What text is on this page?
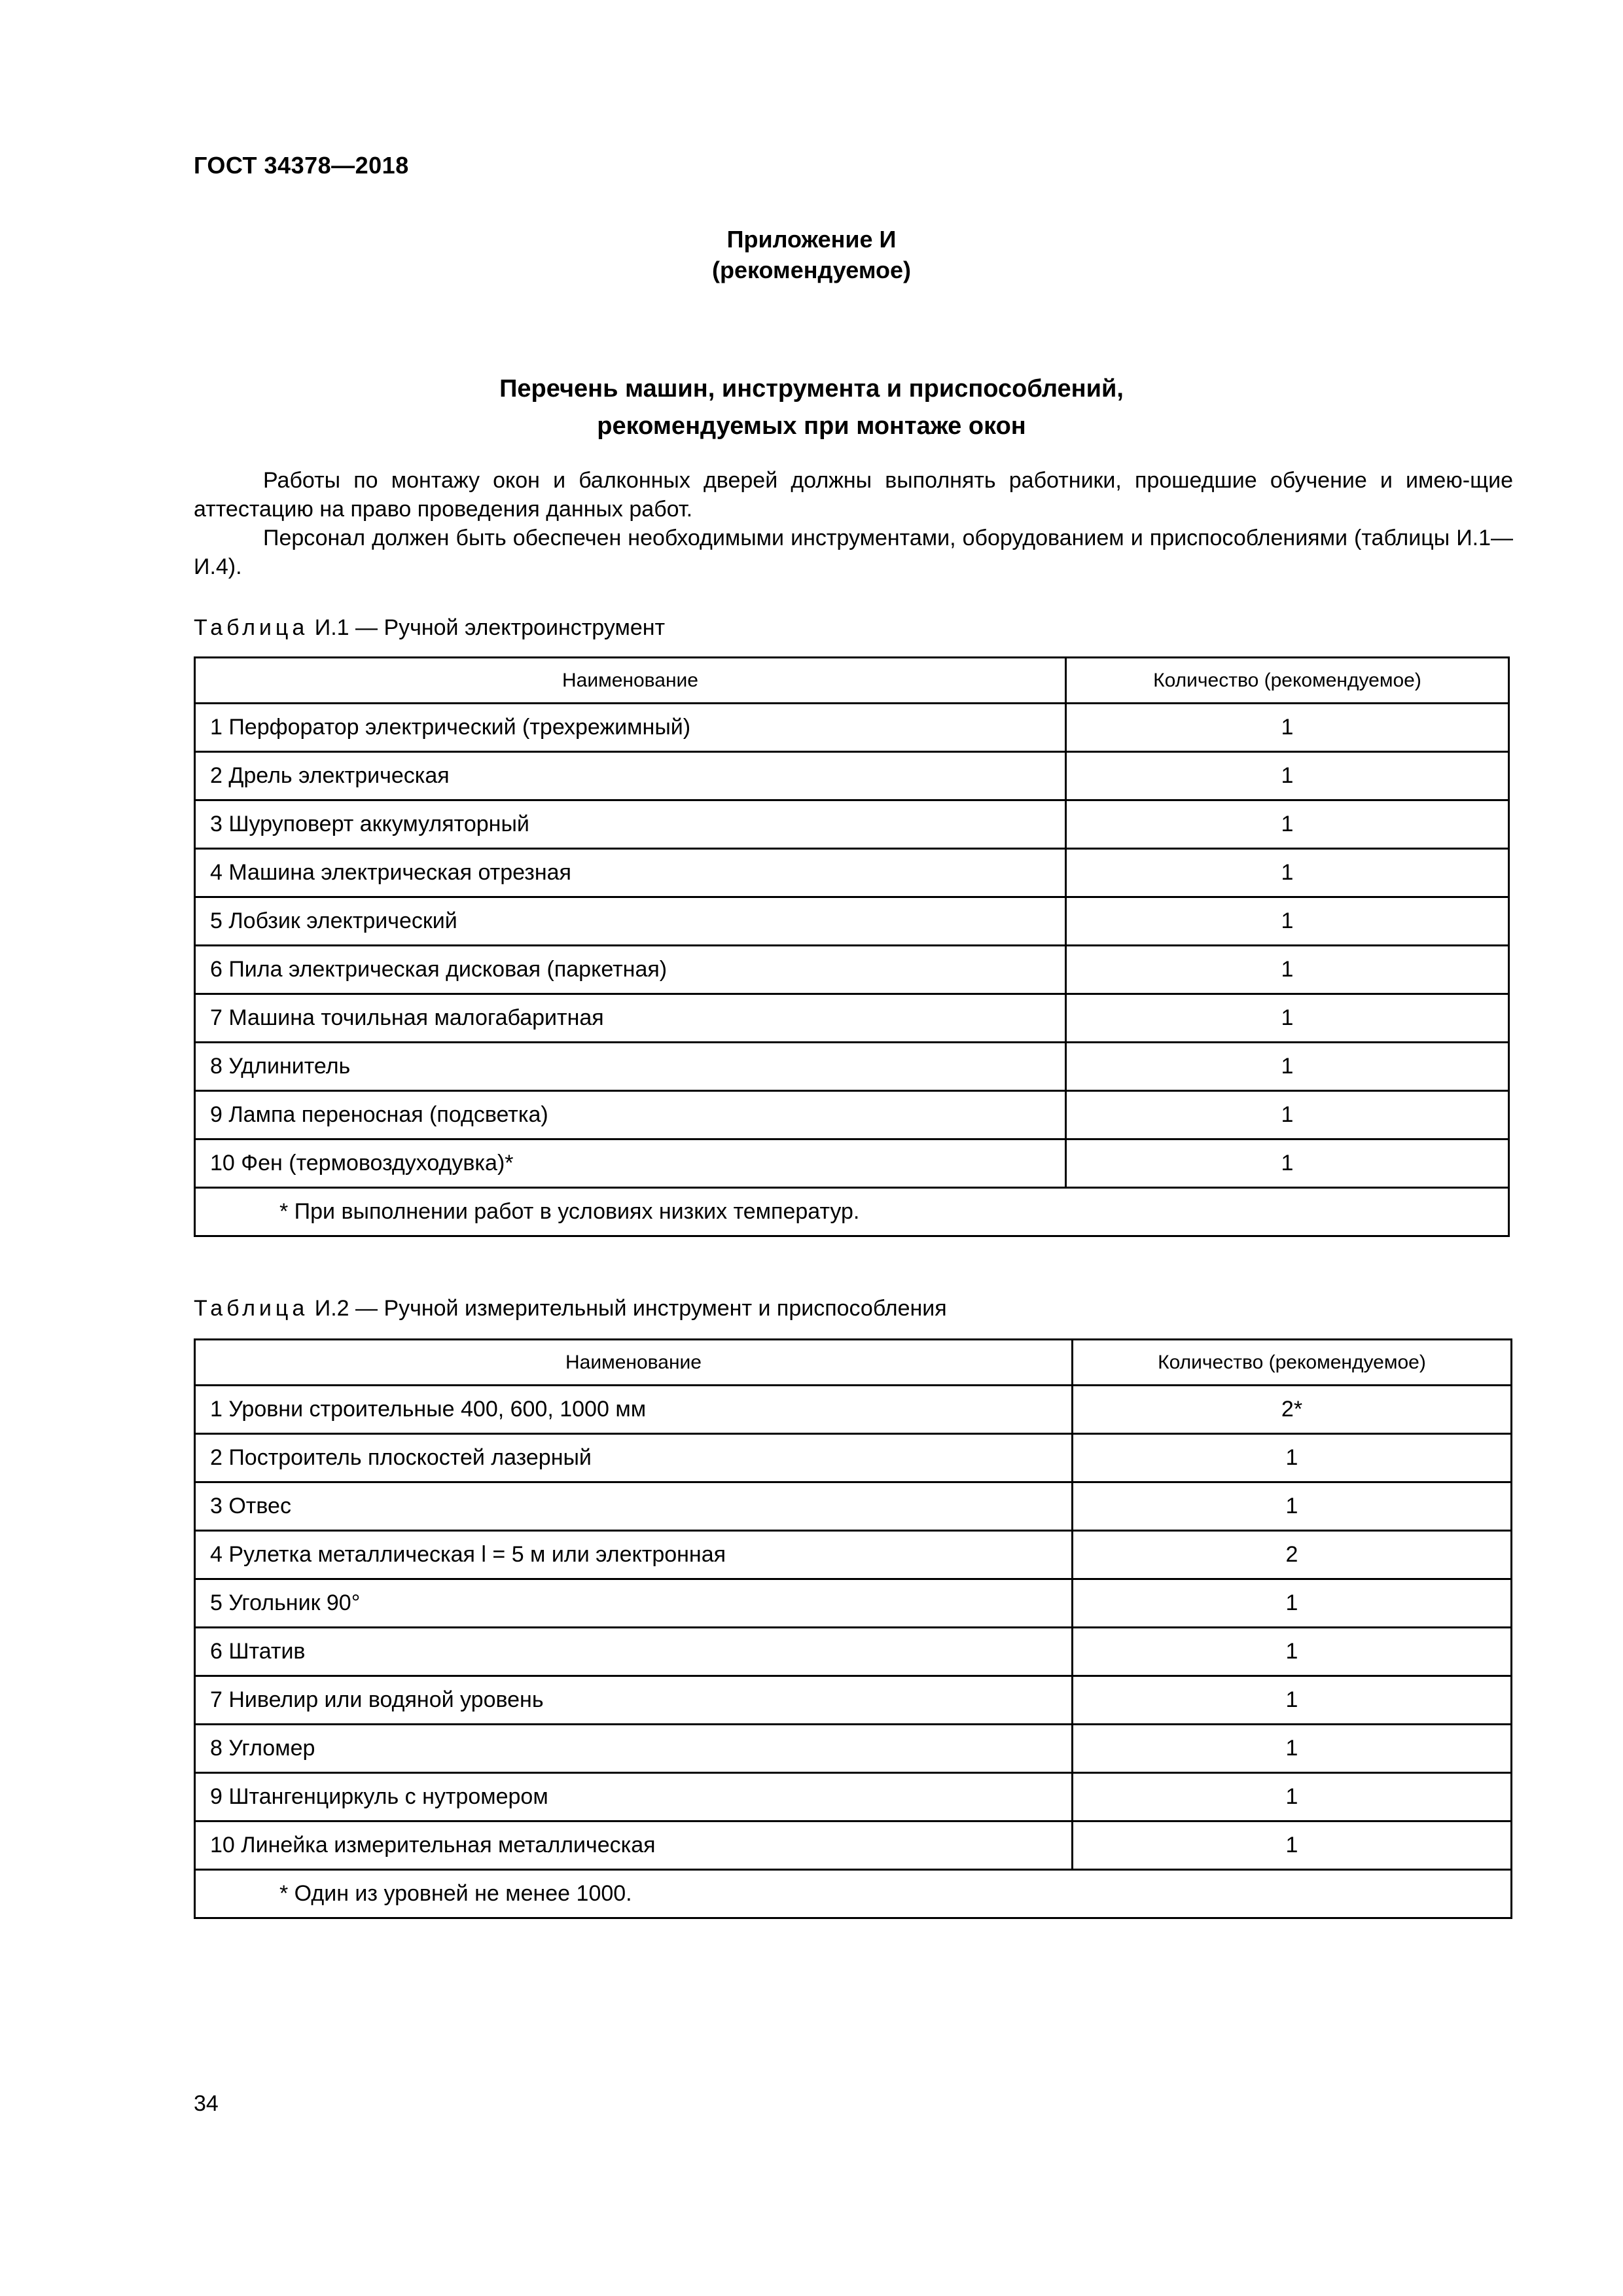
ГОСТ 34378—2018
Приложение И
(рекомендуемое)
Перечень машин, инструмента и приспособлений,
рекомендуемых при монтаже окон

Работы по монтажу окон и балконных дверей должны выполнять работники, прошедшие обучение и имею-щие аттестацию на право проведения данных работ.

Персонал должен быть обеспечен необходимыми инструментами, оборудованием и приспособлениями (таблицы И.1—И.4).

Таблица И.1 — Ручной электроинструмент
Наименование	Количество (рекомендуемое)
1 Перфоратор электрический (трехрежимный)	1
2 Дрель электрическая	1
3 Шуруповерт аккумуляторный	1
4 Машина электрическая отрезная	1
5 Лобзик электрический	1
6 Пила электрическая дисковая (паркетная)	1
7 Машина точильная малогабаритная	1
8 Удлинитель	1
9 Лампа переносная (подсветка)	1
10 Фен (термовоздуходувка)*	1
* При выполнении работ в условиях низких температур.	
Таблица И.2 — Ручной измерительный инструмент и приспособления
Наименование	Количество (рекомендуемое)
1 Уровни строительные 400, 600, 1000 мм	2*
2 Построитель плоскостей лазерный	1
3 Отвес	1
4 Рулетка металлическая l = 5 м или электронная	2
5 Угольник 90°	1
6 Штатив	1
7 Нивелир или водяной уровень	1
8 Угломер	1
9 Штангенциркуль с нутромером	1
10 Линейка измерительная металлическая	1
* Один из уровней не менее 1000.	
34
